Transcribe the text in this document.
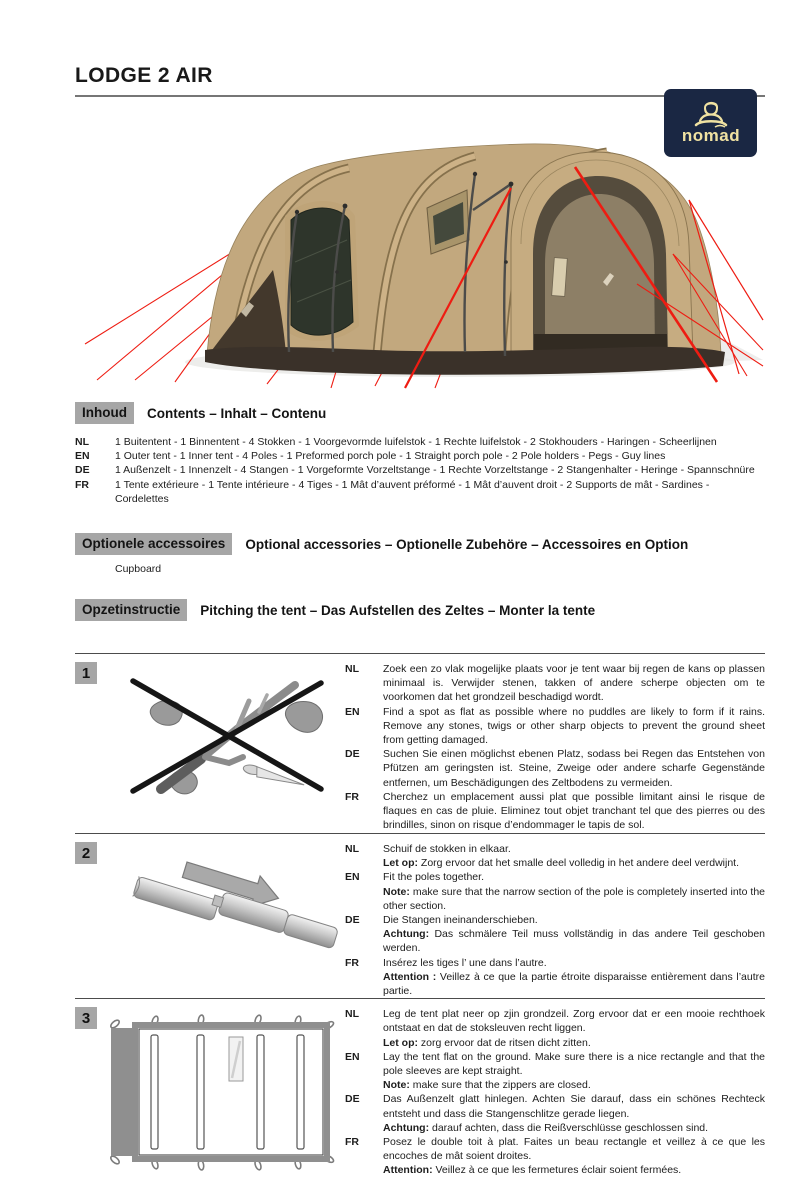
nomad
LODGE 2 AIR
Inhoud	Contents – Inhalt – Contenu
NL	1 Buitentent - 1 Binnentent - 4 Stokken - 1 Voorgevormde luifelstok - 1 Rechte luifelstok - 2 Stokhouders - Haringen - Scheerlijnen
EN	1 Outer tent - 1 Inner tent - 4 Poles - 1 Preformed porch pole - 1 Straight porch pole - 2 Pole holders - Pegs - Guy lines
DE	1 Außenzelt - 1 Innenzelt - 4 Stangen - 1 Vorgeformte Vorzeltstange - 1 Rechte Vorzeltstange - 2 Stangenhalter - Heringe - Spannschnüre
FR	1 Tente extérieure - 1 Tente intérieure - 4 Tiges - 1 Mât d’auvent préformé - 1 Mât d’auvent droit - 2 Supports de mât - Sardines - Cordelettes
Optionele accessoires	Optional accessories – Optionelle Zubehöre – Accessoires en Option
Cupboard
Opzetinstructie	Pitching the tent – Das Aufstellen des Zeltes – Monter la tente
1	NL	Zoek een zo vlak mogelijke plaats voor je tent waar bij regen de kans op plassen minimaal is. Verwijder stenen, takken of andere scherpe objecten om te voorkomen dat het grondzeil beschadigd wordt.
EN	Find a spot as flat as possible where no puddles are likely to form if it rains. Remove any stones, twigs or other sharp objects to prevent the ground sheet from getting damaged.
DE	Suchen Sie einen möglichst ebenen Platz, sodass bei Regen das Entstehen von Pfützen am geringsten ist. Steine, Zweige oder andere scharfe Gegenstände entfernen, um Beschädigungen des Zeltbodens zu vermeiden.
FR	Cherchez un emplacement aussi plat que possible limitant ainsi le risque de flaques en cas de pluie. Eliminez tout objet tranchant tel que des pierres ou des brindilles, sinon on risque d’endommager le tapis de sol.
2	NL	Schuif de stokken in elkaar.
Let op: Zorg ervoor dat het smalle deel volledig in het andere deel verdwijnt.
EN	Fit the poles together.
Note: make sure that the narrow section of the pole is completely inserted into the other section.
DE	Die Stangen ineinanderschieben.
Achtung: Das schmälere Teil muss vollständig in das andere Teil geschoben werden.
FR	Insérez les tiges l’ une dans l’autre.
Attention : Veillez à ce que la partie étroite disparaisse entièrement dans l’autre partie.
3	NL	Leg de tent plat neer op zjin grondzeil. Zorg ervoor dat er een mooie rechthoek ontstaat en dat de stoksleuven recht liggen.
Let op: zorg ervoor dat de ritsen dicht zitten.
EN	Lay the tent flat on the ground. Make sure there is a nice rectangle and that the pole sleeves are kept straight.
Note: make sure that the zippers are closed.
DE	Das Außenzelt glatt hinlegen. Achten Sie darauf, dass ein schönes Rechteck entsteht und dass die Stangenschlitze gerade liegen.
Achtung: darauf achten, dass die Reißverschlüsse geschlossen sind.
FR	Posez le double toit à plat. Faites un beau rectangle et veillez à ce que les encoches de mât soient droites.
Attention: Veillez à ce que les fermetures éclair soient fermées.
